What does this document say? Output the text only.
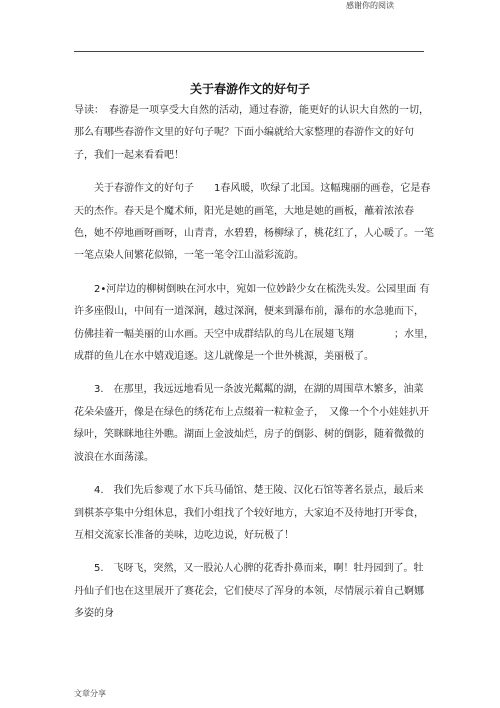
感谢你的阅读
关于春游作文的好句子

导读：　春游是一项享受大自然的活动，通过春游，能更好的认识大自然的一切，那么有哪些春游作文里的好句子呢？下面小编就给大家整理的春游作文的好句 子，我们一起来看看吧！

关于春游作文的好句子　　1春风暖，吹绿了北国。这幅瑰丽的画卷，它是春天的杰作。春天是个魔术师，阳光是她的画笔，大地是她的画板，蘸着浓浓春 色，她不停地画呀画呀，山青青，水碧碧，杨柳绿了，桃花红了，人心暖了。一笔一笔点染人间繁花似锦，一笔一笔令江山溢彩流韵。

2•河岸边的柳树倒映在河水中，宛如一位妙龄少女在梳洗头发。公园里面 有许多座假山，中间有一道深涧，越过深涧，便来到瀑布前，瀑布的水急驰而下， 仿佛挂着一幅美丽的山水画。天空中成群结队的鸟儿在展翅飞翔　　　　；水里，成群的鱼儿在水中嬉戏追逐。这儿就像是一个世外桃源，美丽极了。

3.　在那里，我远远地看见一条波光粼粼的湖，在湖的周围草木繁多，油菜 花朵朵盛开，像是在绿色的绣花布上点缀着一粒粒金子，　又像一个个小娃娃扒开　绿叶，笑眯眯地往外瞧。湖面上金波灿烂，房子的倒影、树的倒影，随着微微的 波浪在水面荡漾。

4.　我们先后参观了水下兵马俑馆、楚王陵、汉化石馆等著名景点，最后来 到棋茶亭集中分组休息，我们小组找了个较好地方，大家迫不及待地打开零食，　互相交流家长准备的美味，边吃边说，好玩极了！

5.　飞呀飞，突然，又一股沁人心脾的花香扑鼻而来，啊！牡丹园到了。牡 丹仙子们也在这里展开了赛花会，它们使尽了浑身的本领，尽情展示着自己婀娜 多姿的身

文章分享
